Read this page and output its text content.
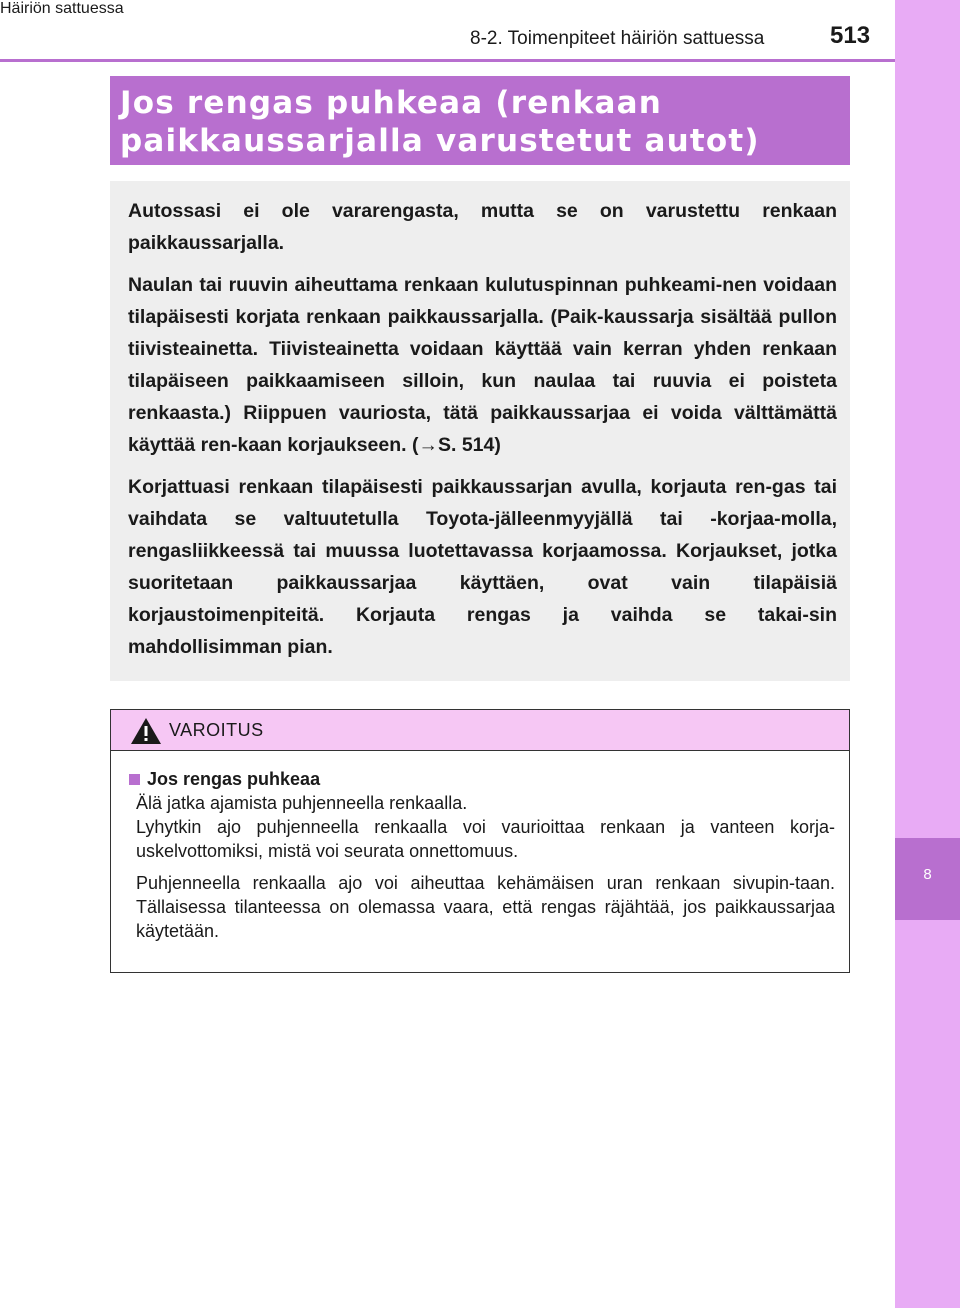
8
Häiriön sattuessa
8-2. Toimenpiteet häiriön sattuessa	513
Jos rengas puhkeaa (renkaan
paikkaussarjalla varustetut autot)

Autossasi ei ole vararengasta, mutta se on varustettu renkaan paikkaussarjalla.

Naulan tai ruuvin aiheuttama renkaan kulutuspinnan puhkeami-nen voidaan tilapäisesti korjata renkaan paikkaussarjalla. (Paik-kaussarja sisältää pullon tiivisteainetta. Tiivisteainetta voidaan käyttää vain kerran yhden renkaan tilapäiseen paikkaamiseen silloin, kun naulaa tai ruuvia ei poisteta renkaasta.) Riippuen vauriosta, tätä paikkaussarjaa ei voida välttämättä käyttää ren-kaan korjaukseen. (→S. 514)

Korjattuasi renkaan tilapäisesti paikkaussarjan avulla, korjauta ren-gas tai vaihdata se valtuutetulla Toyota-jälleenmyyjällä tai -korjaa-molla, rengasliikkeessä tai muussa luotettavassa korjaamossa. Korjaukset, jotka suoritetaan paikkaussarjaa käyttäen, ovat vain tilapäisiä korjaustoimenpiteitä. Korjauta rengas ja vaihda se takai-sin mahdollisimman pian.

VAROITUS
Jos rengas puhkeaa
Älä jatka ajamista puhjenneella renkaalla.
Lyhytkin ajo puhjenneella renkaalla voi vaurioittaa renkaan ja vanteen korja-uskelvottomiksi, mistä voi seurata onnettomuus.
Puhjenneella renkaalla ajo voi aiheuttaa kehämäisen uran renkaan sivupin-taan. Tällaisessa tilanteessa on olemassa vaara, että rengas räjähtää, jos paikkaussarjaa käytetään.
